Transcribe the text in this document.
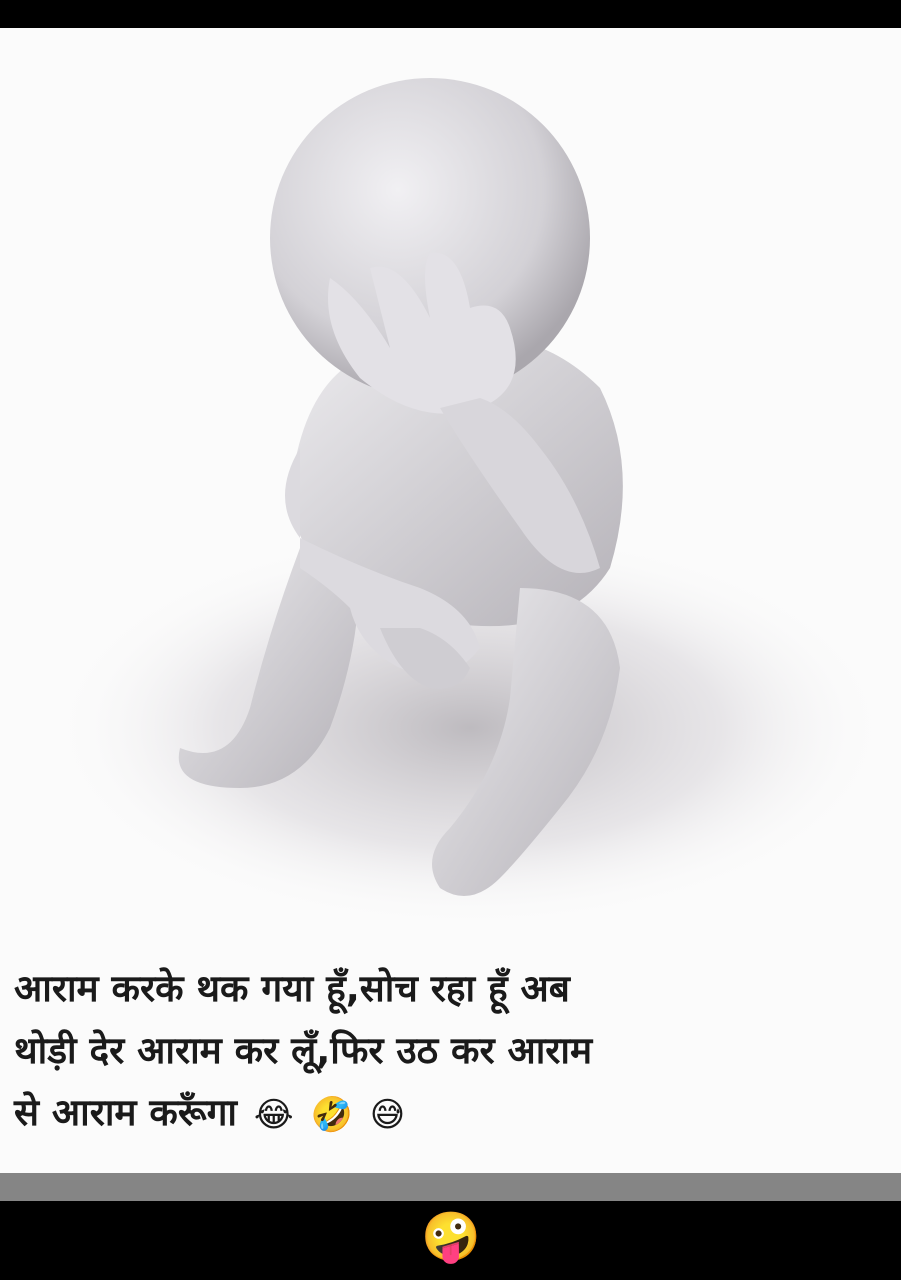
आराम करके थक गया हूँ,सोच रहा हूँ अब
थोड़ी देर आराम कर लूँ,फिर उठ कर आराम
से आराम करूँगा 😂 🤣 😅
🤪
